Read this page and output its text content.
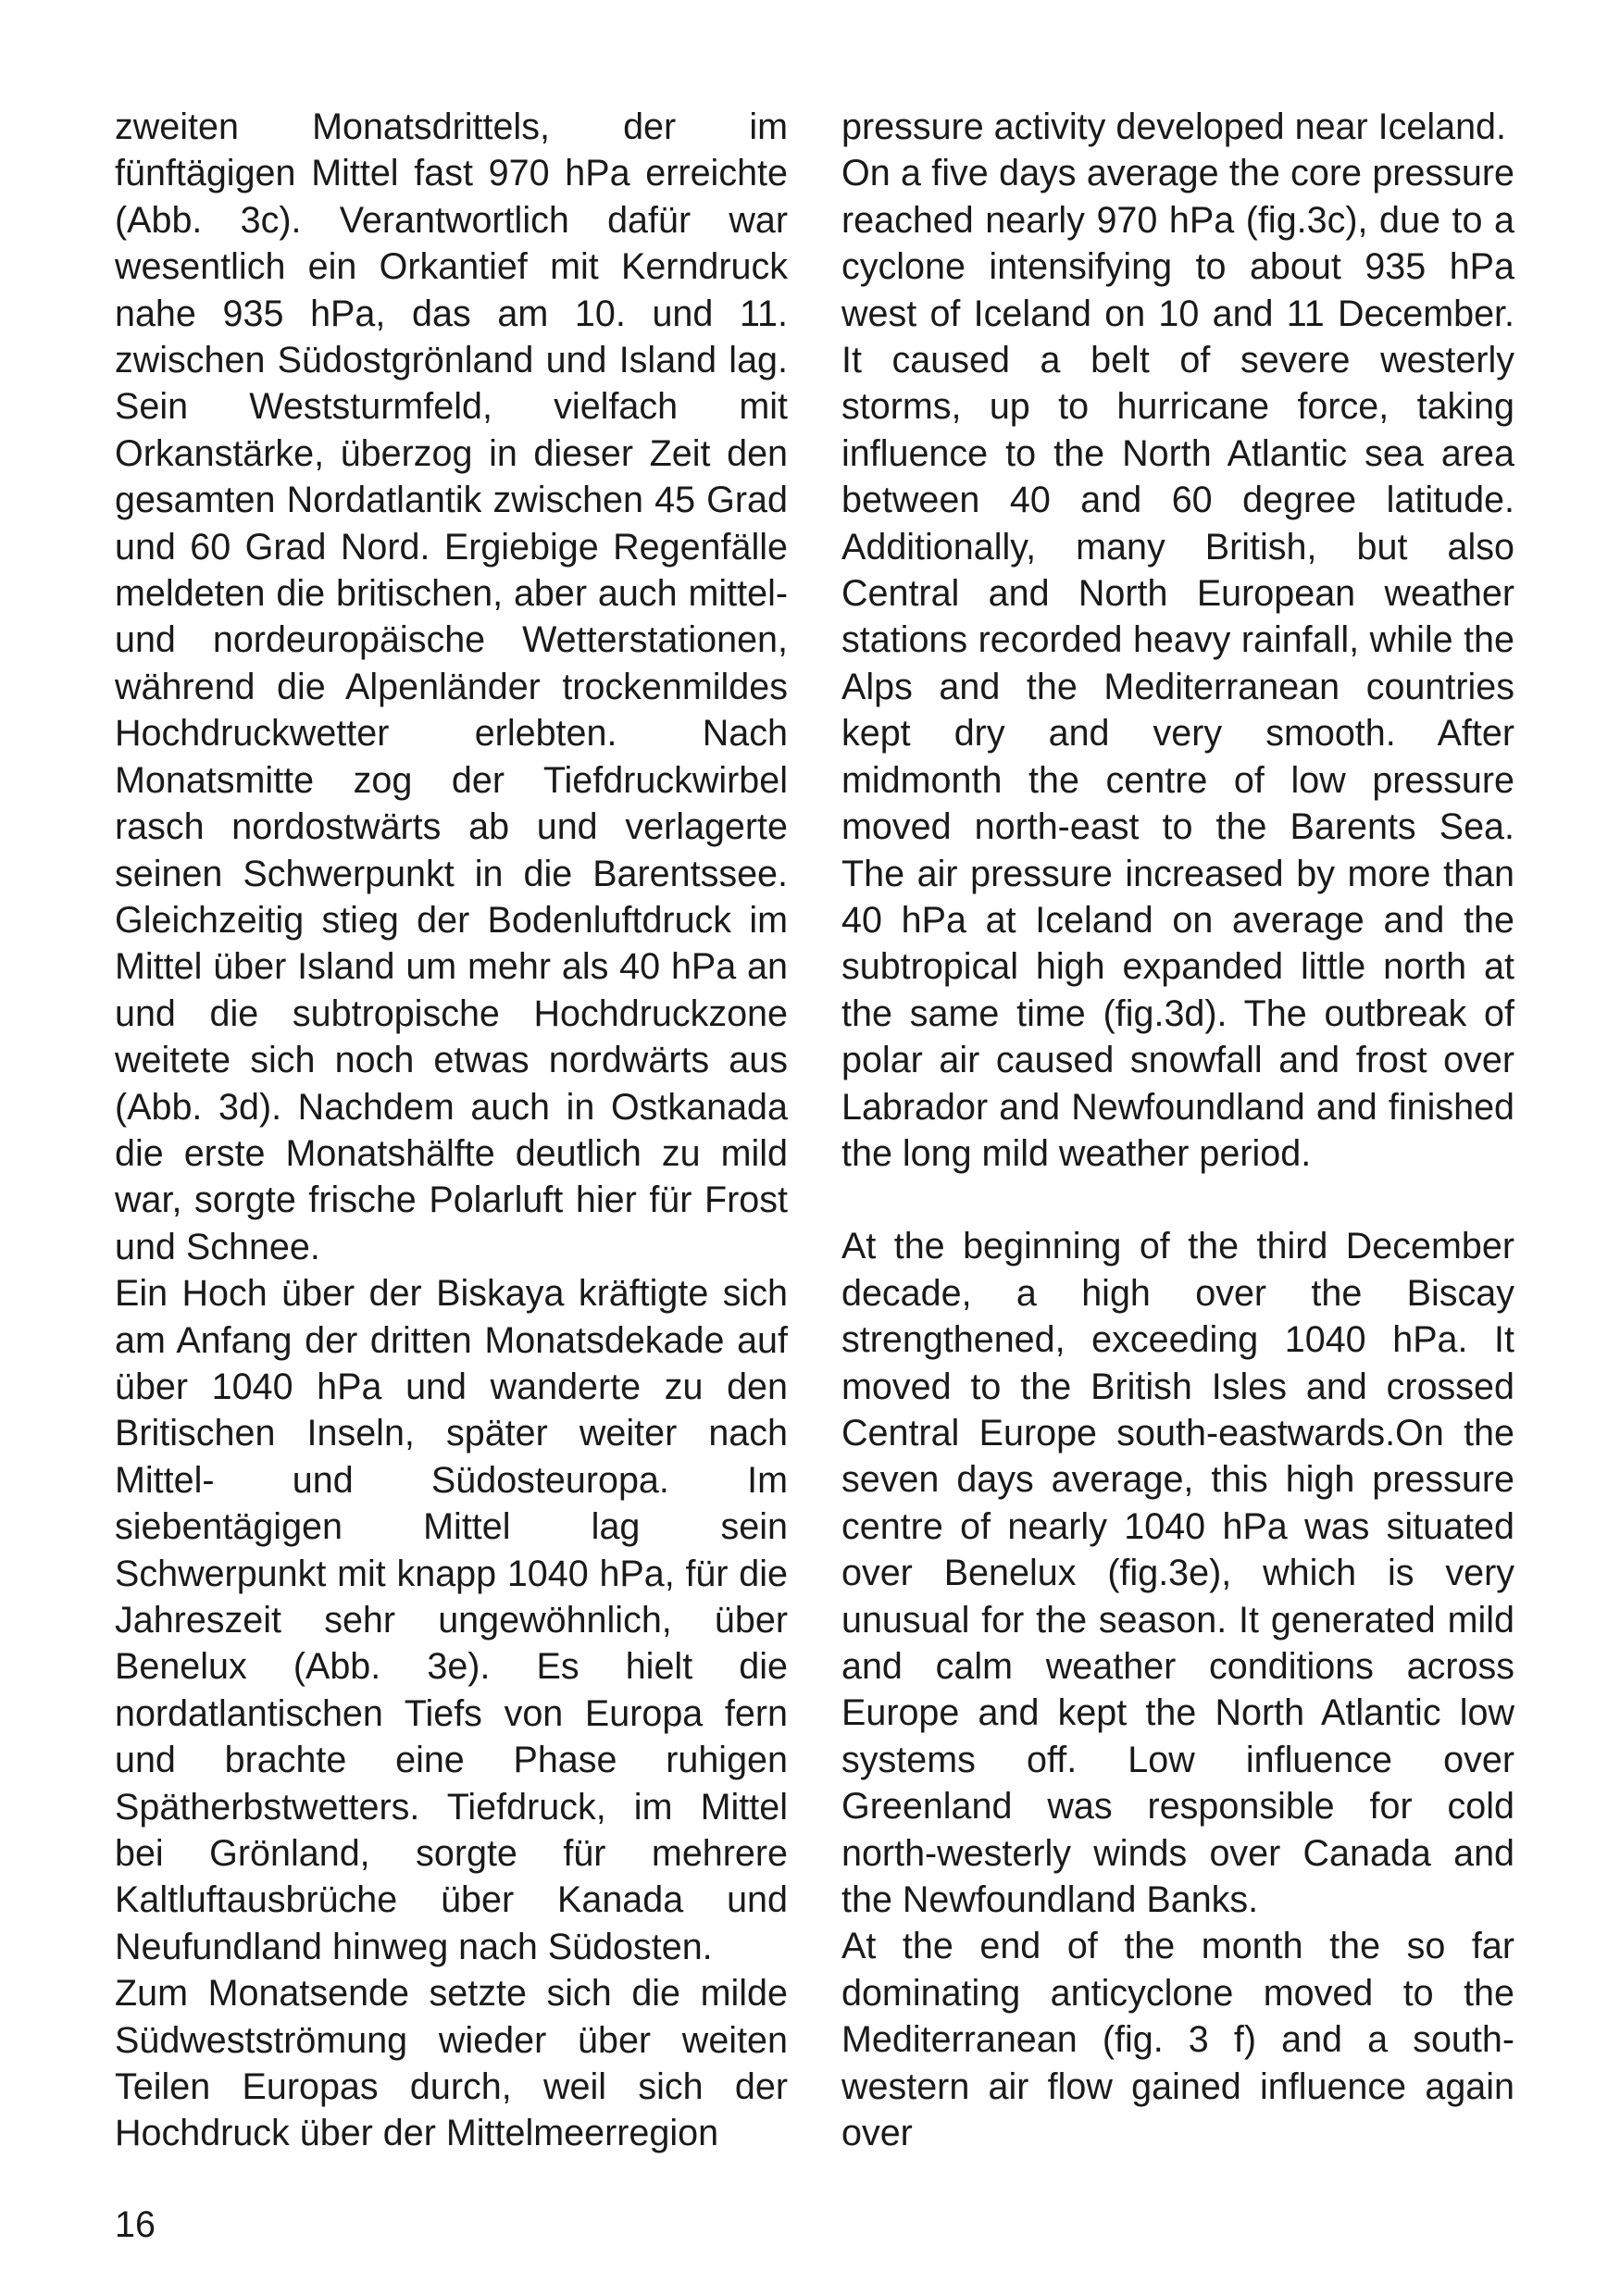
zweiten Monatsdrittels, der im fünftägigen Mittel fast 970 hPa erreichte (Abb. 3c). Verantwortlich dafür war wesentlich ein Orkantief mit Kerndruck nahe 935 hPa, das am 10. und 11. zwischen Südostgrönland und Island lag. Sein Weststurmfeld, vielfach mit Orkanstärke, überzog in dieser Zeit den gesamten Nordatlantik zwischen 45 Grad und 60 Grad Nord. Ergiebige Regenfälle meldeten die britischen, aber auch mittel- und nordeuropäische Wetterstationen, während die Alpenländer trockenmildes Hochdruckwetter erlebten. Nach Monatsmitte zog der Tiefdruckwirbel rasch nordostwärts ab und verlagerte seinen Schwerpunkt in die Barentssee. Gleichzeitig stieg der Bodenluftdruck im Mittel über Island um mehr als 40 hPa an und die subtropische Hochdruckzone weitete sich noch etwas nordwärts aus (Abb. 3d). Nachdem auch in Ostkanada die erste Monatshälfte deutlich zu mild war, sorgte frische Polarluft hier für Frost und Schnee.

Ein Hoch über der Biskaya kräftigte sich am Anfang der dritten Monatsdekade auf über 1040 hPa und wanderte zu den Britischen Inseln, später weiter nach Mittel- und Südosteuropa. Im siebentägigen Mittel lag sein Schwerpunkt mit knapp 1040 hPa, für die Jahreszeit sehr ungewöhnlich, über Benelux (Abb. 3e). Es hielt die nordatlantischen Tiefs von Europa fern und brachte eine Phase ruhigen Spätherbstwetters. Tiefdruck, im Mittel bei Grönland, sorgte für mehrere Kaltluftausbrüche über Kanada und Neufundland hinweg nach Südosten.

Zum Monatsende setzte sich die milde Südwestströmung wieder über weiten Teilen Europas durch, weil sich der Hochdruck über der Mittelmeerregion

pressure activity developed near Iceland.

On a five days average the core pressure reached nearly 970 hPa (fig.3c), due to a cyclone intensifying to about 935 hPa west of Iceland on 10 and 11 December. It caused a belt of severe westerly storms, up to hurricane force, taking influence to the North Atlantic sea area between 40 and 60 degree latitude. Additionally, many British, but also Central and North European weather stations recorded heavy rainfall, while the Alps and the Mediterranean countries kept dry and very smooth. After midmonth the centre of low pressure moved north-east to the Barents Sea. The air pressure increased by more than 40 hPa at Iceland on average and the subtropical high expanded little north at the same time (fig.3d). The outbreak of polar air caused snowfall and frost over Labrador and Newfoundland and finished the long mild weather period.

At the beginning of the third December decade, a high over the Biscay strengthened, exceeding 1040 hPa. It moved to the British Isles and crossed Central Europe south-eastwards.On the seven days average, this high pressure centre of nearly 1040 hPa was situated over Benelux (fig.3e), which is very unusual for the season. It generated mild and calm weather conditions across Europe and kept the North Atlantic low systems off. Low influence over Greenland was responsible for cold north-westerly winds over Canada and the Newfoundland Banks.

At the end of the month the so far dominating anticyclone moved to the Mediterranean (fig. 3 f) and a south-western air flow gained influence again over

16
